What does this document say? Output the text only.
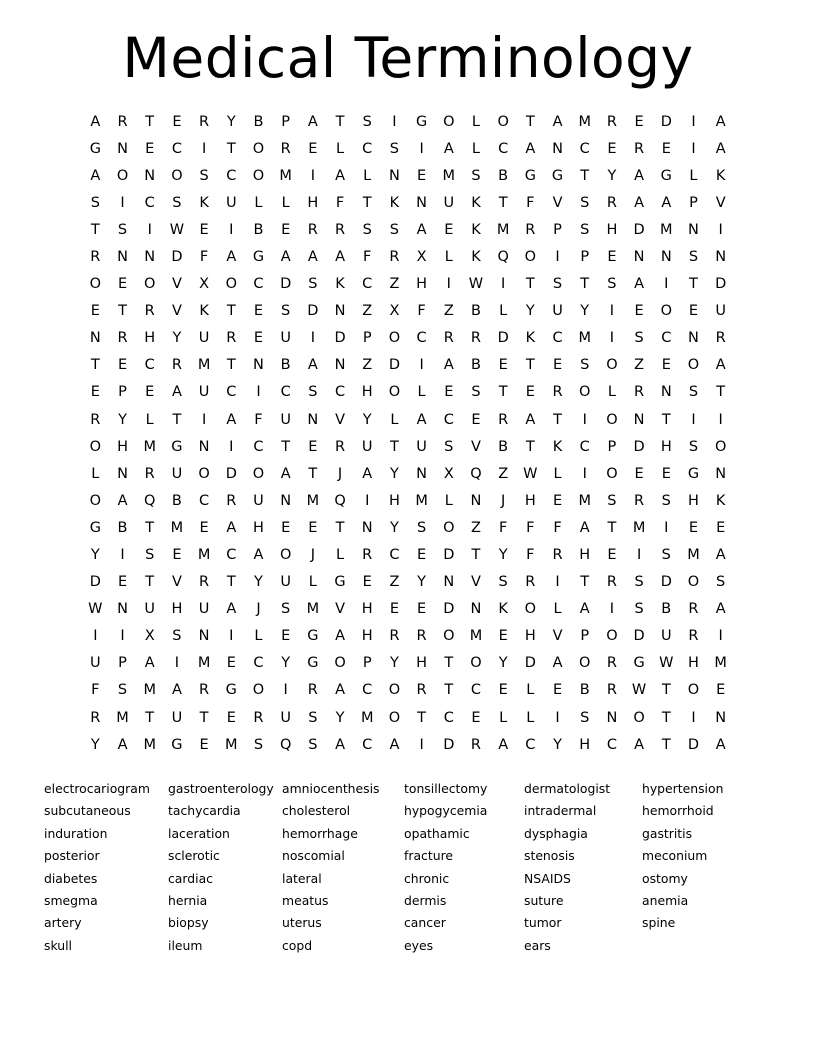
Medical Terminology
A	R	T	E	R	Y	B	P	A	T	S	I	G	O	L	O	T	A	M	R	E	D	I	A
G	N	E	C	I	T	O	R	E	L	C	S	I	A	L	C	A	N	C	E	R	E	I	A
A	O	N	O	S	C	O	M	I	A	L	N	E	M	S	B	G	G	T	Y	A	G	L	K
S	I	C	S	K	U	L	L	H	F	T	K	N	U	K	T	F	V	S	R	A	A	P	V
T	S	I	W	E	I	B	E	R	R	S	S	A	E	K	M	R	P	S	H	D	M	N	I
R	N	N	D	F	A	G	A	A	A	F	R	X	L	K	Q	O	I	P	E	N	N	S	N
O	E	O	V	X	O	C	D	S	K	C	Z	H	I	W	I	T	S	T	S	A	I	T	D
E	T	R	V	K	T	E	S	D	N	Z	X	F	Z	B	L	Y	U	Y	I	E	O	E	U
N	R	H	Y	U	R	E	U	I	D	P	O	C	R	R	D	K	C	M	I	S	C	N	R
T	E	C	R	M	T	N	B	A	N	Z	D	I	A	B	E	T	E	S	O	Z	E	O	A
E	P	E	A	U	C	I	C	S	C	H	O	L	E	S	T	E	R	O	L	R	N	S	T
R	Y	L	T	I	A	F	U	N	V	Y	L	A	C	E	R	A	T	I	O	N	T	I	I
O	H	M	G	N	I	C	T	E	R	U	T	U	S	V	B	T	K	C	P	D	H	S	O
L	N	R	U	O	D	O	A	T	J	A	Y	N	X	Q	Z	W	L	I	O	E	E	G	N
O	A	Q	B	C	R	U	N	M	Q	I	H	M	L	N	J	H	E	M	S	R	S	H	K
G	B	T	M	E	A	H	E	E	T	N	Y	S	O	Z	F	F	F	A	T	M	I	E	E
Y	I	S	E	M	C	A	O	J	L	R	C	E	D	T	Y	F	R	H	E	I	S	M	A
D	E	T	V	R	T	Y	U	L	G	E	Z	Y	N	V	S	R	I	T	R	S	D	O	S
W	N	U	H	U	A	J	S	M	V	H	E	E	D	N	K	O	L	A	I	S	B	R	A
I	I	X	S	N	I	L	E	G	A	H	R	R	O	M	E	H	V	P	O	D	U	R	I
U	P	A	I	M	E	C	Y	G	O	P	Y	H	T	O	Y	D	A	O	R	G W	H	M
F	S	M	A	R	G	O	I	R	A	C	O	R	T	C	E	L	E	B	R	W	T	O	E
R	M	T	U	T	E	R	U	S	Y	M	O	T	C	E	L	L	I	S	N	O	T	I	N
Y	A	M	G	E	M	S	Q	S	A	C	A	I	D	R	A	C	Y	H	C	A	T	D	A
electrocariogram
subcutaneous
induration
posterior
diabetes
smegma
artery
skull
gastroenterology
tachycardia
laceration
sclerotic
cardiac
hernia
biopsy
ileum
amniocenthesis
cholesterol
hemorrhage
noscomial
lateral
meatus
uterus
copd
tonsillectomy
hypogycemia
opathamic
fracture
chronic
dermis
cancer
eyes
dermatologist
intradermal
dysphagia
stenosis
NSAIDS
suture
tumor
ears
hypertension
hemorrhoid
gastritis
meconium
ostomy
anemia
spine
